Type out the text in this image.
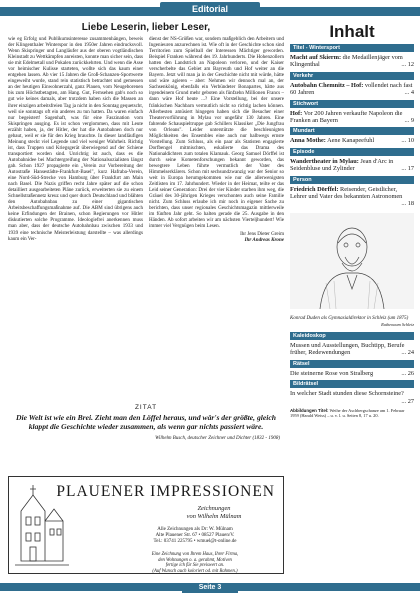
Editorial
Liebe Leserin, lieber Leser,

wie eg Erfolg und Publikumsinteresse zusammenhängen, beweis der Klingenthaler Winterspor in den 1950er Jahren eindrucksvoll. Wenn Skispringer und Langläufer aus der oberen vogtländischen Kleinstadt zu Wettkämpfen anreisten, konnte man sicher sein, dass sie mit Edelmetall und Pokalen zurückkehrten. Und wenn die Asse vor heimischer Kulisse starteten, wollte sich das kaum einer entgehen lassen. Ab vier 15 Jahren die Groß-Schanzen-Sportwerte eingeweiht wurde, stand rein statistisch betrachtet und gemessen an der heutigen Einwohnerzahl, ganz Plauen, vom Neugeborenen bis zum Höchstbetagten, am Hang. Gut, Fernsehen gab's noch so gut wie keines damals, aber trotzdem haben sich die Massen an ihrer einzigen arbeitsfreien Tag ja nicht in den Sonntag gequetscht, weil sie sonntags oft ein anderes zu tun hatten. Da waren einfach nur begeistert! Sagenhaft, was für eine Faszination vom Skispringen ausging. Es ist schon verglommen, dass mit Leute erzählt haben, ja, der Hitler, der hat die Autobahnen doch nur gebaut, weil er sie für den Krieg brauchte. In dieser landläufigen Meinung steckt viel Legende und viel weniger Wahrheit. Richtig ist, dass Truppen und Kriegsgerät überwiegend auf der Schiene transportiert worden sind. Unrichtig ist auch, dass es die Autobahnidee bei Machtergreifung der Nationalsozialisten längst gab. Schon 1927 propagierte ein „Verein zur Vorbereitung der Autostraße Hansestädte-Frankfurt-Basel", kurz Hafraba-Verein, eine Nord-Süd-Strecke von Hamburg über Frankfurt am Main nach Basel. Die Nazis griffen recht Jahre später auf die schon detailliert ausgearbeiteten Pläne zurück, erweiterten sie zu einem Schnellstraßennetz kreuz und quer durch Deutschland und blähten den Autobahnbau zu einer gigantischen Arbeitsbeschaffungsmaßnahme auf. Die ABM sind übrigens auch keine Erfindungen der Brainen, schon Regierungen vor Hitler diskutierten solche Programme. Ideologiefrei anerkennen muss man aber, dass der deutsche Autobahnbau zwischen 1933 und 1939 eine technische Meisterleistung darstellte – was allerdings kaum ein Ver-

dienst der NS-Größen war, sondern maßgeblich den Arbeitern und Ingenieuren anzurechnen ist. Wie oft in der Geschichte schon sind Territorien zum Spielball der Interessen Mächtiger geworden. Beispiel Franken während des 19. Jahrhunderts. Die Hohenzollern hatten den Landstrich an Napoleon verloren, und der Kaiser verscherbelte das Gebiet am Bayreuth und Hof weiter an die Bayern. Jetzt will man ja in der Geschichte nicht mit würde, hätte und wäre agieren – aber: Nehmen wir dennoch mal an, der Sachsenkönig, ebenfalls ein Verbündeter Bonapartes, hätte aus irgendeinem Grund mehr geboten als fünfzehn Millionen Francs – dann wäre Hof heute ...? Eine Vorstellung, bei der unsere fränkischen Nachbarn vermutlich nicht so richtig lachen können. Allerbesten amüsiert hingegen haben sich die Besucher einer Theatervorführung in Mylau vor ungefähr 130 Jahren. Eine fahrende Schauspieltruppe gab Schillers Klassiker „Die Jungfrau von Orleans". Leider unterstützte die beschleunigten Möglichkeiten des Ensembles eine auch nur halbwegs ernste Vorstellung. Zum Schluss, als ein paar als Statisten engagierte Dorfbengel mitmischten, eskalierte das Drama des Nationaldichters zum totalen Klamauk. Georg Samuel Dörffel ist durch seine Kometenforschungen bekannt geworden, das bewegtere Leben führte vermutlich der Vater des Himmelserklärers. Schon mit sechsundzwanzig war der Senior so weit in Europa herumgekommen wie nur die allerwenigsten Zeitlisten im 17. Jahrhundert. Wieder in der Heimat, teilte er das Leid seiner Generation: Drei der vier Kinder starben ihm weg, die Gräuel des 30-jährigen Krieges verschonten auch seine Familie nicht. Zum Schluss erlaube ich mir noch in eigener Sache zu berichten, dass unser regionales Geschichtsmagazin mittlerweile im fünften Jahr geht. So halten gerade die 25. Ausgabe in den Händen. Ab sofort arbeiten wir am nächsten Vierteljhundert! Wie immer viel Vergnügen beim Lesen.

Ihr Jens Dieter Greim
Ihr Andreas Krone
ZITAT
Die Welt ist wie ein Brei. Zieht man den Löffel heraus, und wär's der größte, gleich klappt die Geschichte wieder zusammen, als wenn gar nichts passiert wäre.
Wilhelm Busch, deutscher Zeichner und Dichter (1832 - 1908)
PLAUENER IMPRESSIONEN
Zeichnungen
von Wilhelm Mülnam
Alle Zeichnungen als Dr: W. Mülnam
Alte Plauener Str. 67 • 08527 Plauen/V.
Tel.: 03741 225795 • wmuel@t-online.de
Eine Zeichnung von Ihrem Haus, Ihrer Firma,
den Wohnungen o. a. gerahmt, Motiven
fertige ich für Sie preiswert an.
(Auf Wunsch auch koloriert od. mit Rahmen.)
Inhalt
Titel - Wintersport
Macht auf Skierm: die Medaillenjäger vom Klingenthal	... 12
Verkehr
Autobahn Chemnitz – Hof: vollendet nach fast 60 Jahren	... 4
Stichwort
Hof: Vor 200 Jahren verkaufte Napoleon die Franken an Bayern	... 9
Mundart
Anna Mothe: Aene Kanapeefuhl	... 10
Episode
Wandertheater in Mylau: Jean d'Arc in Seidenbluse und Zylinder	... 17
Person
Friedrich Dörffel: Reisender, Geistlicher, Lehrer und Vater des bekannten Astronomen
... 18
Konrad Duden als Gymnasialdirektor in Schleiz (um 1875)
Rathenaum Schleiz
Kaleidoskop
Mussen und Ausstellungen, Buchtipp, Berufe früher, Redewendungen	... 24
Rätsel
Die steinerne Rose von Stralberg	... 26
Bildrätsel
In welcher Stadt stunden diese Schornsteine?
... 27
Abbildungen Titel: Weihe der Aschbergschanze am 1. Februar 1959 (Harald Weiss) – u. v. l. u. Seiten 8, 17 u. 20.
Seite 3
